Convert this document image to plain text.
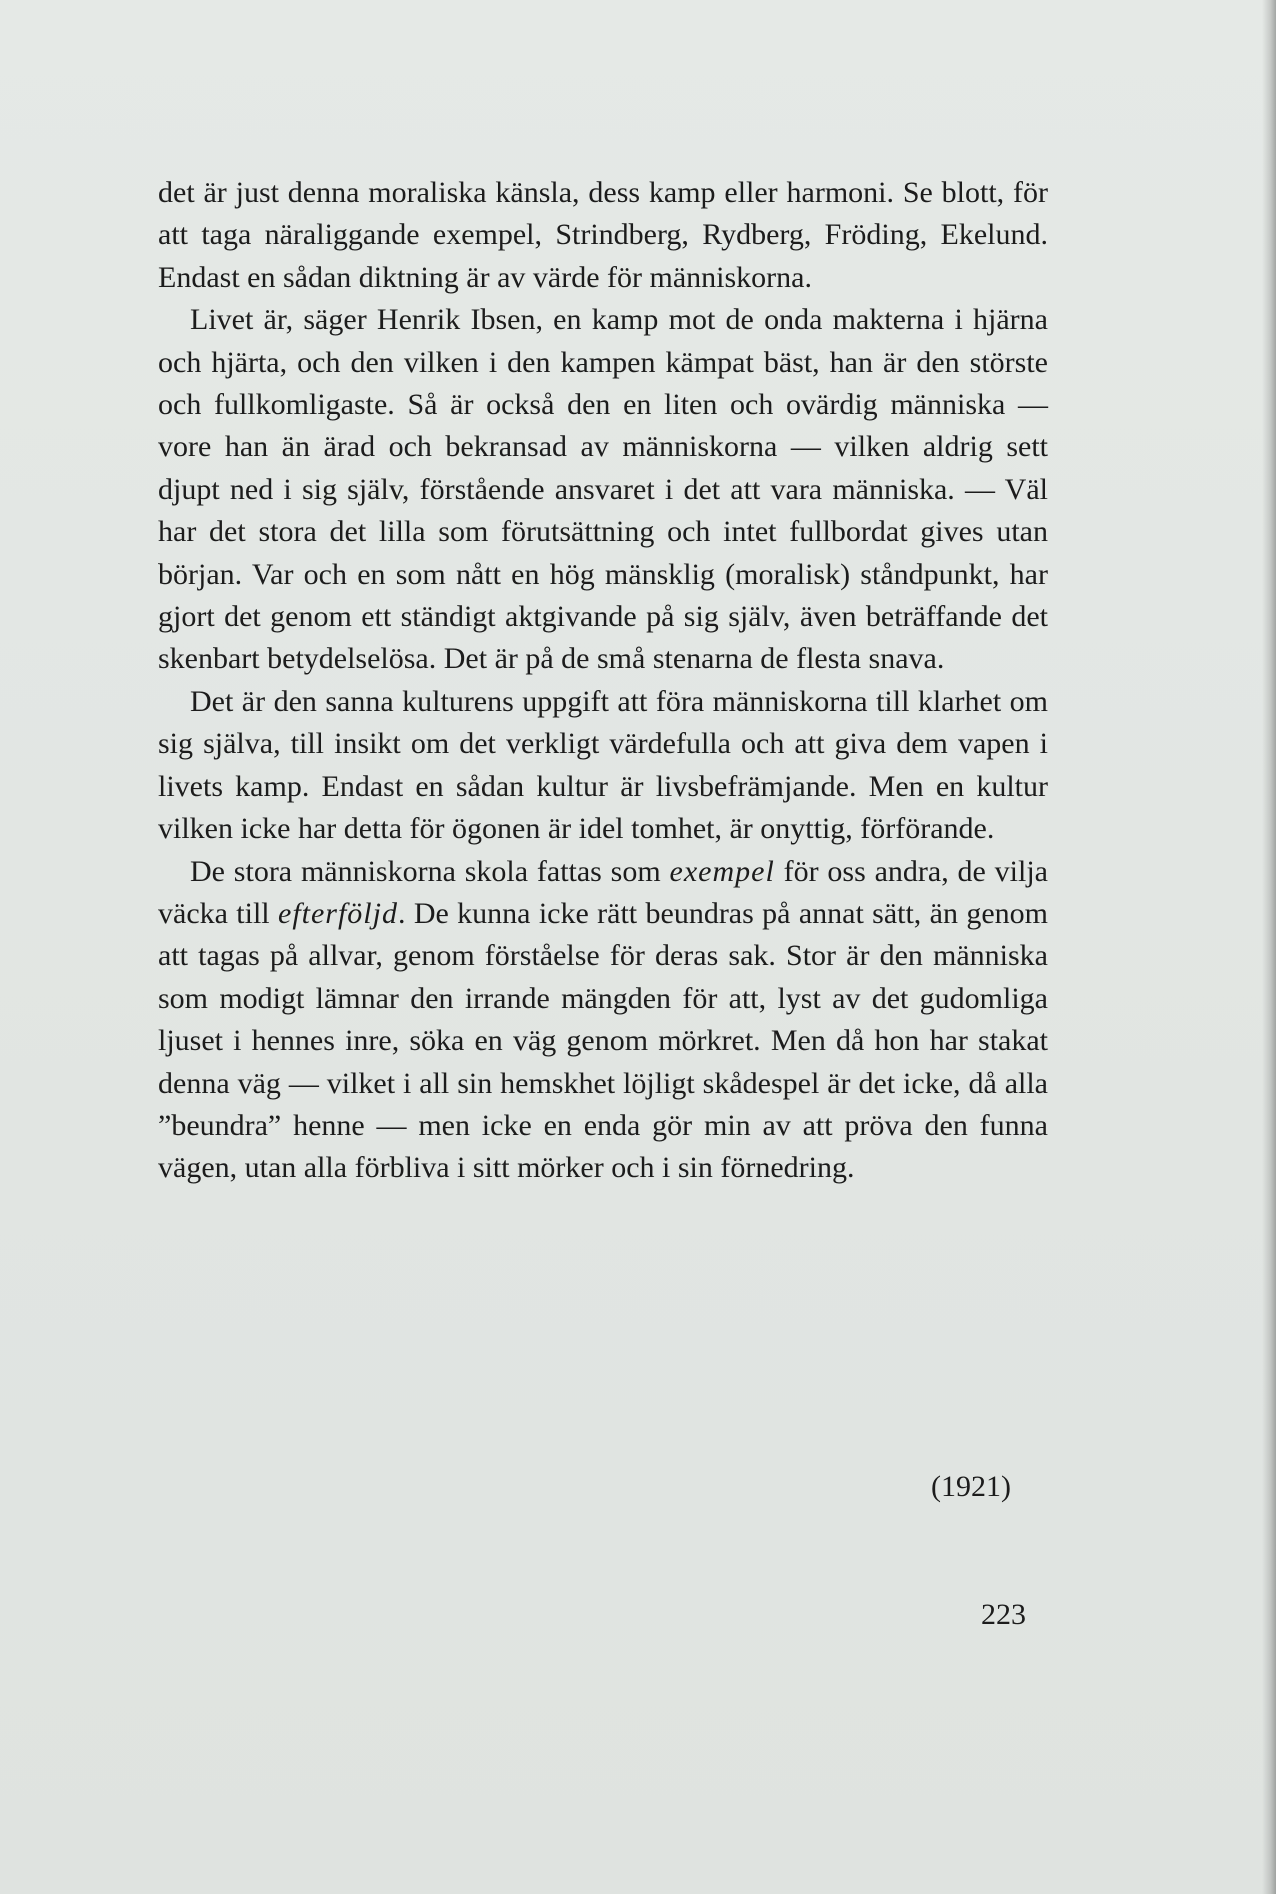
det är just denna moraliska känsla, dess kamp eller harmoni. Se blott, för att taga näraliggande exempel, Strindberg, Rydberg, Fröding, Ekelund. Endast en sådan diktning är av värde för människorna.

Livet är, säger Henrik Ibsen, en kamp mot de onda makterna i hjärna och hjärta, och den vilken i den kampen kämpat bäst, han är den störste och fullkomligaste. Så är också den en liten och ovärdig människa — vore han än ärad och bekransad av människorna — vilken aldrig sett djupt ned i sig själv, förstående ansvaret i det att vara människa. — Väl har det stora det lilla som förutsättning och intet fullbordat gives utan början. Var och en som nått en hög mänsklig (moralisk) ståndpunkt, har gjort det genom ett ständigt aktgivande på sig själv, även beträffande det skenbart betydelselösa. Det är på de små stenarna de flesta snava.

Det är den sanna kulturens uppgift att föra människorna till klarhet om sig själva, till insikt om det verkligt värdefulla och att giva dem vapen i livets kamp. Endast en sådan kultur är livsbefrämjande. Men en kultur vilken icke har detta för ögonen är idel tomhet, är onyttig, förförande.

De stora människorna skola fattas som exempel för oss andra, de vilja väcka till efterföljd. De kunna icke rätt beundras på annat sätt, än genom att tagas på allvar, genom förståelse för deras sak. Stor är den människa som modigt lämnar den irrande mängden för att, lyst av det gudomliga ljuset i hennes inre, söka en väg genom mörkret. Men då hon har stakat denna väg — vilket i all sin hemskhet löjligt skådespel är det icke, då alla ”beundra” henne — men icke en enda gör min av att pröva den funna vägen, utan alla förbliva i sitt mörker och i sin förnedring.

(1921)
223
